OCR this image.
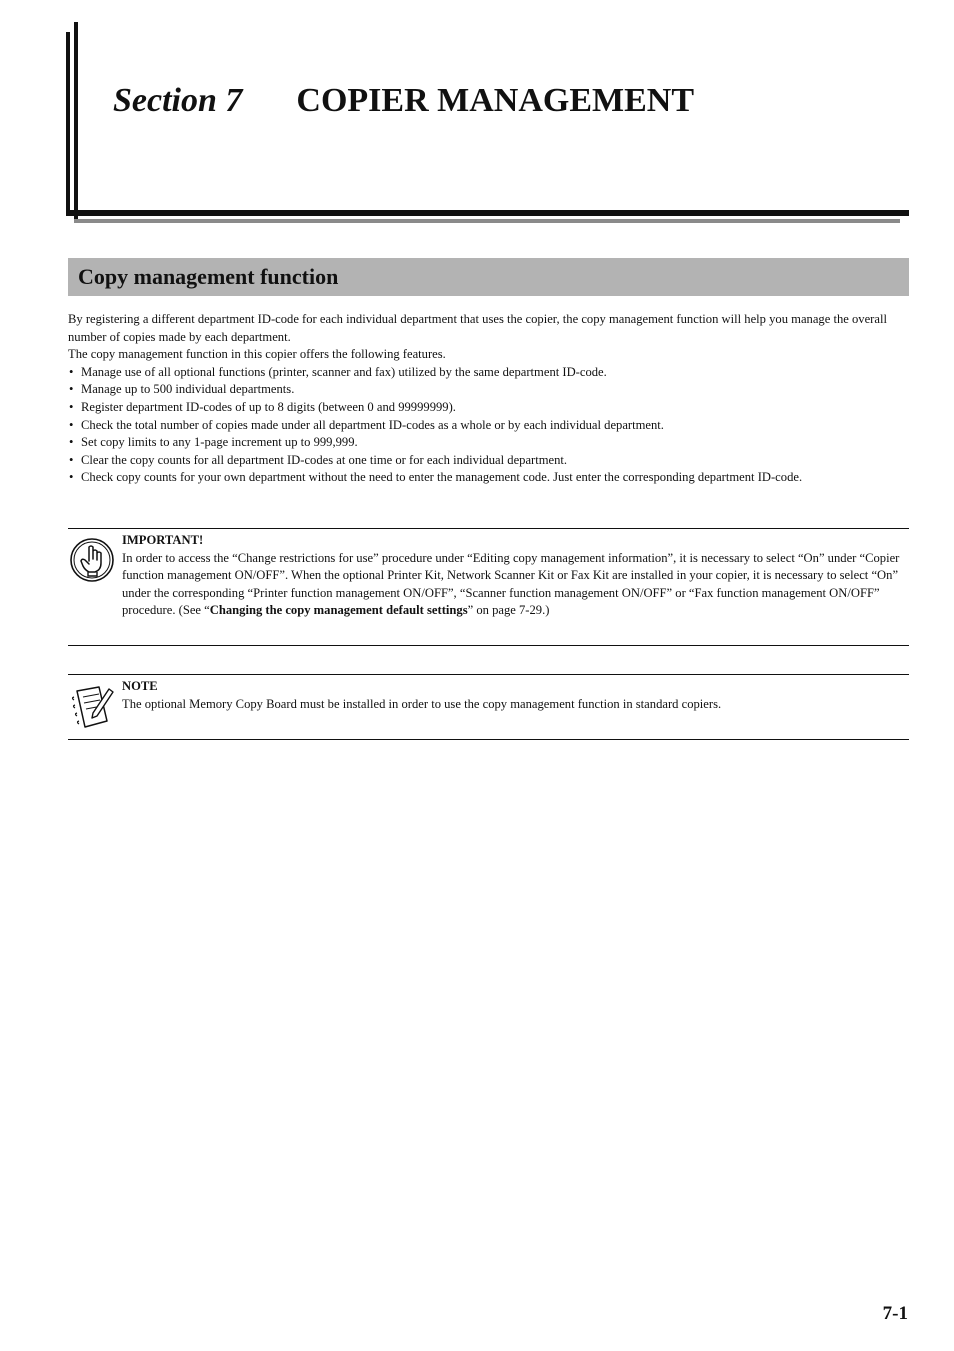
Section 7 COPIER MANAGEMENT
Copy management function

By registering a different department ID-code for each individual department that uses the copier, the copy management function will help you manage the overall number of copies made by each department.

The copy management function in this copier offers the following features.

• Manage use of all optional functions (printer, scanner and fax) utilized by the same department ID-code.
• Manage up to 500 individual departments.
• Register department ID-codes of up to 8 digits (between 0 and 99999999).
• Check the total number of copies made under all department ID-codes as a whole or by each individual department.
• Set copy limits to any 1-page increment up to 999,999.
• Clear the copy counts for all department ID-codes at one time or for each individual department.
• Check copy counts for your own department without the need to enter the management code. Just enter the corresponding department ID-code.
IMPORTANT!
In order to access the “Change restrictions for use” procedure under “Editing copy management information”, it is necessary to select “On” under “Copier function management ON/OFF”. When the optional Printer Kit, Network Scanner Kit or Fax Kit are installed in your copier, it is necessary to select “On” under the corresponding “Printer function management ON/OFF”, “Scanner function management ON/OFF” or “Fax function management ON/OFF” procedure. (See “Changing the copy management default settings” on page 7-29.)
NOTE
The optional Memory Copy Board must be installed in order to use the copy management function in standard copiers.

7-1
